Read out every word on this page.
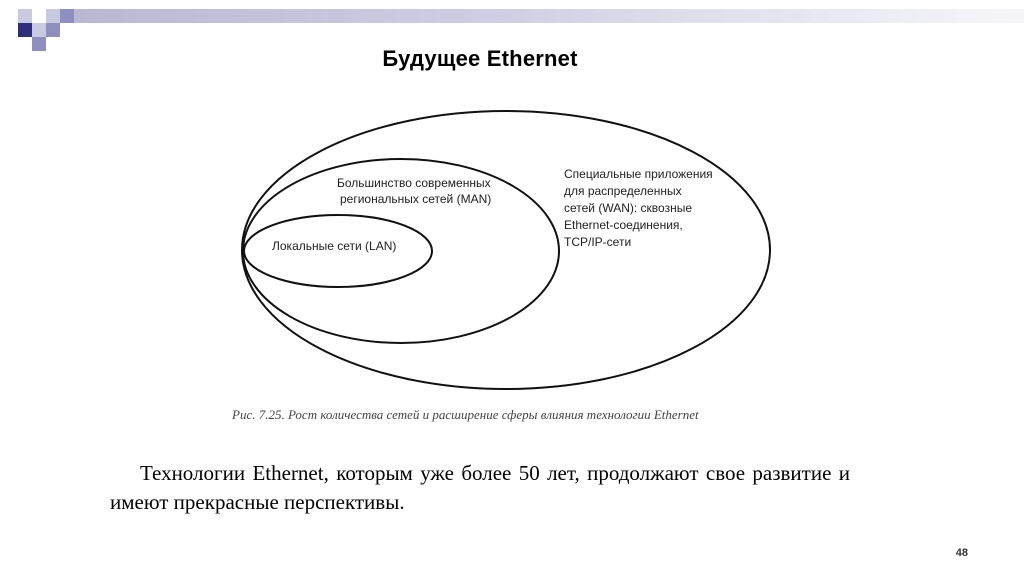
Будущее Ethernet
Специальные приложения для распределенных сетей (WAN): сквозные Ethernet-соединения, TCP/IP-сети
Большинство современных региональных сетей (MAN)
Локальные сети (LAN)
Рис. 7.25. Рост количества сетей и расширение сферы влияния технологии Ethernet
Технологии Ethernet, которым уже более 50 лет, продолжают свое развитие и имеют прекрасные перспективы.
48
